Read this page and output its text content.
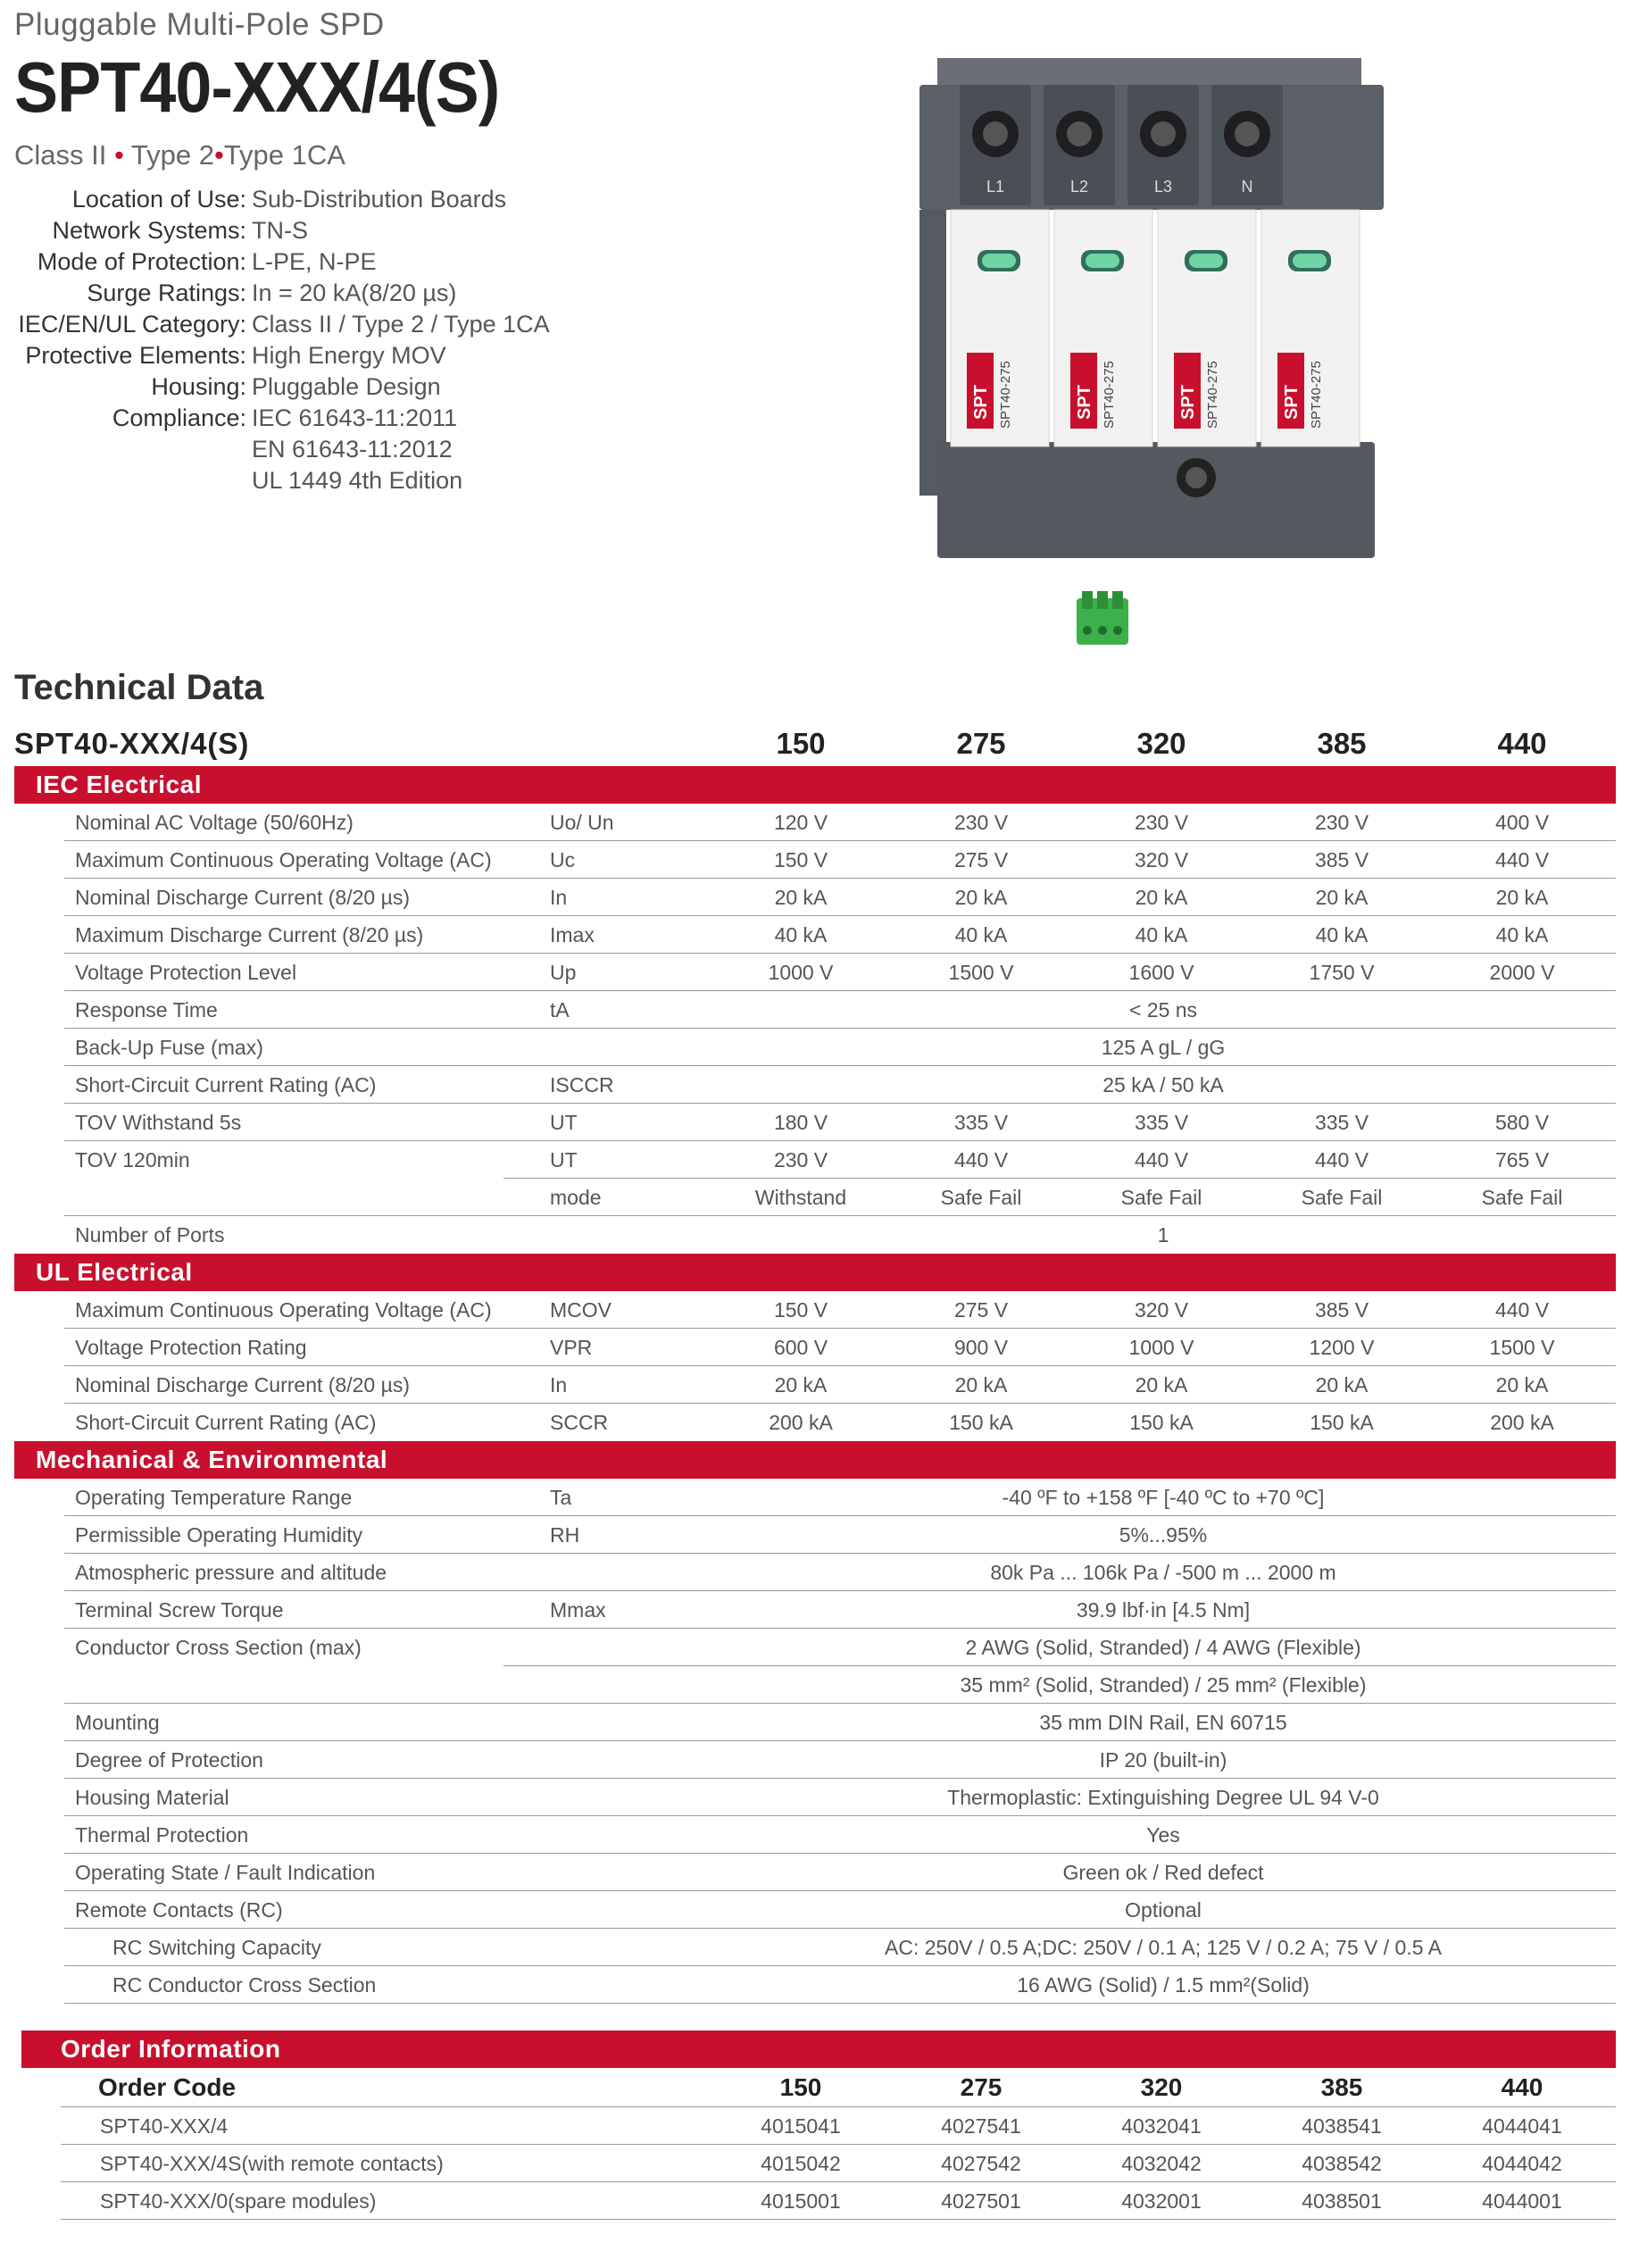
Pluggable Multi-Pole SPD
SPT40-XXX/4(S)
Class II • Type 2•Type 1CA
Location of Use: Sub-Distribution Boards
Network Systems: TN-S
Mode of Protection: L-PE, N-PE
Surge Ratings: In = 20 kA(8/20 µs)
IEC/EN/UL Category: Class II / Type 2 / Type 1CA
Protective Elements: High Energy MOV
Housing: Pluggable Design
Compliance: IEC 61643-11:2011
EN 61643-11:2012
UL 1449 4th Edition
L1	L2	L3	N
SPT SPT40-275	SPT SPT40-275	SPT SPT40-275	SPT SPT40-275
Technical Data
SPT40-XXX/4(S)	150	275	320	385	440
IEC Electrical
Nominal AC Voltage (50/60Hz)	Uo/ Un	120 V	230 V	230 V	230 V	400 V
Maximum Continuous Operating Voltage (AC)	Uc	150 V	275 V	320 V	385 V	440 V
Nominal Discharge Current (8/20 µs)	In	20 kA	20 kA	20 kA	20 kA	20 kA
Maximum Discharge Current (8/20 µs)	Imax	40 kA	40 kA	40 kA	40 kA	40 kA
Voltage Protection Level	Up	1000 V	1500 V	1600 V	1750 V	2000 V
Response Time	tA	< 25 ns
Back-Up Fuse (max)	125 A gL / gG
Short-Circuit Current Rating (AC)	ISCCR	25 kA / 50 kA
TOV Withstand 5s	UT	180 V	335 V	335 V	335 V	580 V
TOV 120min	UT	230 V	440 V	440 V	440 V	765 V
mode	Withstand	Safe Fail	Safe Fail	Safe Fail	Safe Fail
Number of Ports	1
UL Electrical
Maximum Continuous Operating Voltage (AC)	MCOV	150 V	275 V	320 V	385 V	440 V
Voltage Protection Rating	VPR	600 V	900 V	1000 V	1200 V	1500 V
Nominal Discharge Current (8/20 µs)	In	20 kA	20 kA	20 kA	20 kA	20 kA
Short-Circuit Current Rating (AC)	SCCR	200 kA	150 kA	150 kA	150 kA	200 kA
Mechanical & Environmental
Operating Temperature Range	Ta	-40 ºF to +158 ºF [-40 ºC to +70 ºC]
Permissible Operating Humidity	RH	5%...95%
Atmospheric pressure and altitude	80k Pa ... 106k Pa / -500 m ... 2000 m
Terminal Screw Torque	Mmax	39.9 lbf·in [4.5 Nm]
Conductor Cross Section (max)	2 AWG (Solid, Stranded) / 4 AWG (Flexible)
35 mm² (Solid, Stranded) / 25 mm² (Flexible)
Mounting	35 mm DIN Rail, EN 60715
Degree of Protection	IP 20 (built-in)
Housing Material	Thermoplastic: Extinguishing Degree UL 94 V-0
Thermal Protection	Yes
Operating State / Fault Indication	Green ok / Red defect
Remote Contacts (RC)	Optional
RC Switching Capacity	AC: 250V / 0.5 A;DC: 250V / 0.1 A; 125 V / 0.2 A; 75 V / 0.5 A
RC Conductor Cross Section	16 AWG (Solid) / 1.5 mm²(Solid)
Order Information
Order Code	150	275	320	385	440
SPT40-XXX/4	4015041	4027541	4032041	4038541	4044041
SPT40-XXX/4S(with remote contacts)	4015042	4027542	4032042	4038542	4044042
SPT40-XXX/0(spare modules)	4015001	4027501	4032001	4038501	4044001
